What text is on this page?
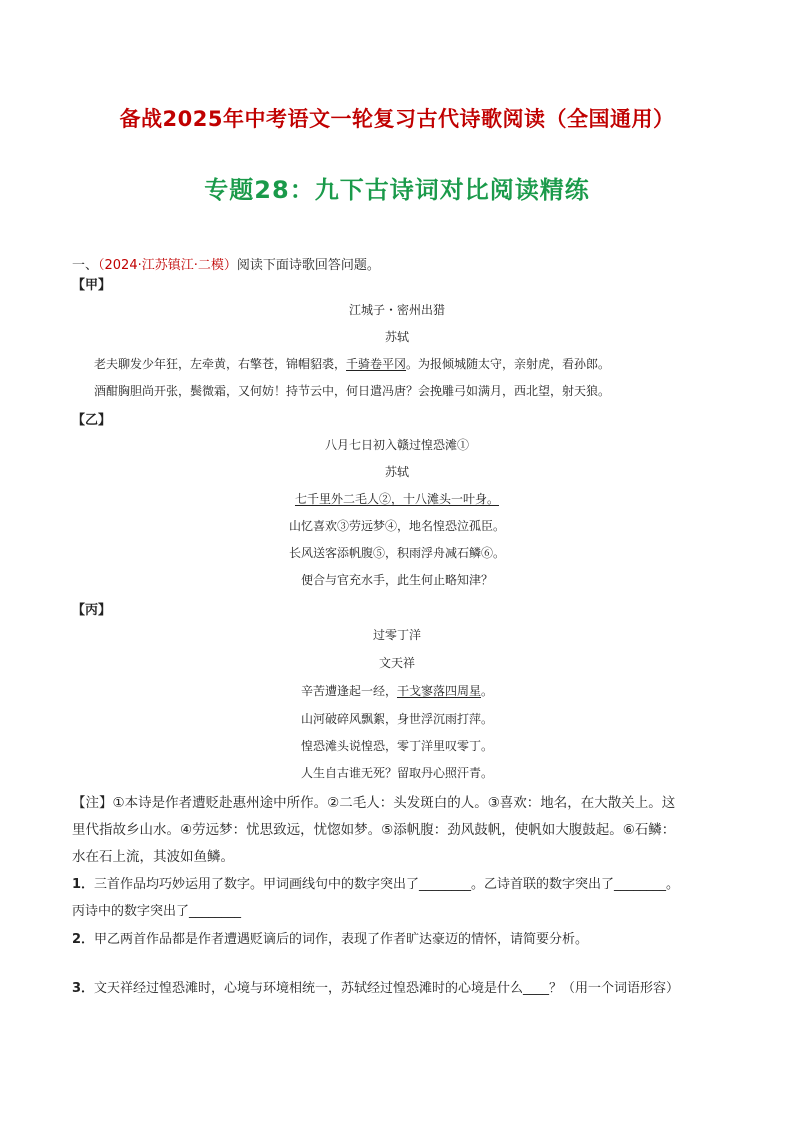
备战2025年中考语文一轮复习古代诗歌阅读（全国通用）
专题28：九下古诗词对比阅读精练
一、（2024·江苏镇江·二模）阅读下面诗歌回答问题。
【甲】
江城子・密州出猎
苏轼
老夫聊发少年狂，左牵黄，右擎苍，锦帽貂裘，千骑卷平冈。为报倾城随太守，亲射虎，看孙郎。
酒酣胸胆尚开张，鬓微霜，又何妨！持节云中，何日遣冯唐？会挽雕弓如满月，西北望，射天狼。
【乙】
八月七日初入赣过惶恐滩①
苏轼
七千里外二毛人②，十八滩头一叶身。
山忆喜欢③劳远梦④，地名惶恐泣孤臣。
长风送客添帆腹⑤，积雨浮舟减石鳞⑥。
便合与官充水手，此生何止略知津？
【丙】
过零丁洋
文天祥
辛苦遭逢起一经，干戈寥落四周星。
山河破碎风飘絮，身世浮沉雨打萍。
惶恐滩头说惶恐，零丁洋里叹零丁。
人生自古谁无死？留取丹心照汗青。
【注】①本诗是作者遭贬赴惠州途中所作。②二毛人：头发斑白的人。③喜欢：地名，在大散关上。这
里代指故乡山水。④劳远梦：忧思致远，忧惚如梦。⑤添帆腹：劲风鼓帆，使帆如大腹鼓起。⑥石鳞：
水在石上流，其波如鱼鳞。
1．三首作品均巧妙运用了数字。甲词画线句中的数字突出了________。乙诗首联的数字突出了________。
丙诗中的数字突出了________
2．甲乙两首作品都是作者遭遇贬谪后的词作，表现了作者旷达豪迈的情怀，请简要分析。
3．文天祥经过惶恐滩时，心境与环境相统一，苏轼经过惶恐滩时的心境是什么____？（用一个词语形容）
